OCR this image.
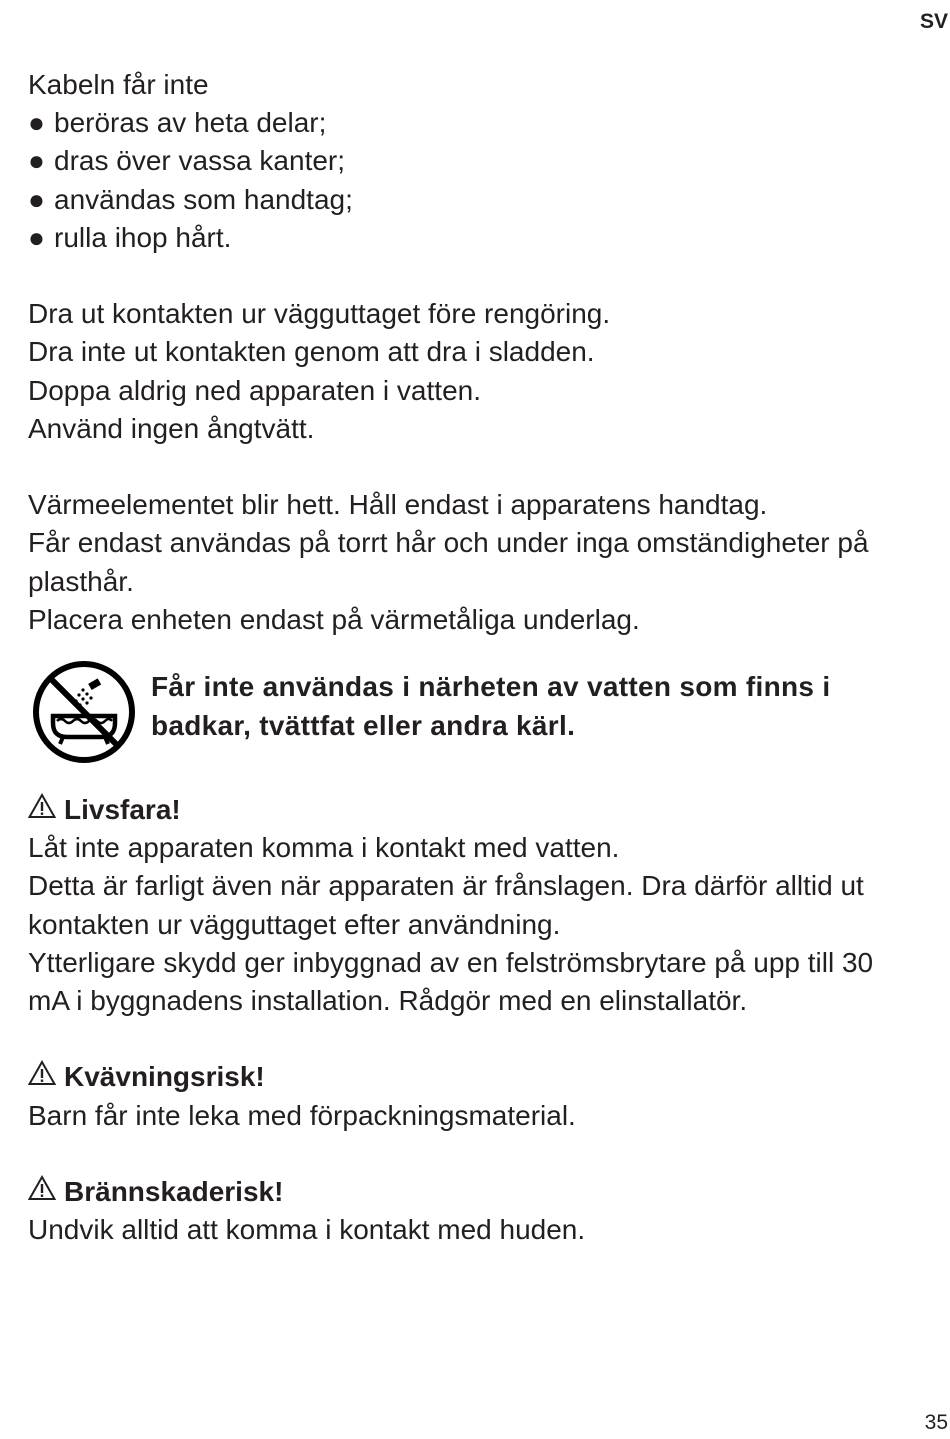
SV

Kabeln får inte

● beröras av heta delar;

● dras över vassa kanter;

● användas som handtag;

● rulla ihop hårt.

Dra ut kontakten ur vägguttaget före rengöring.

Dra inte ut kontakten genom att dra i sladden.

Doppa aldrig ned apparaten i vatten.

Använd ingen ångtvätt.

Värmeelementet blir hett. Håll endast i apparatens handtag.

Får endast användas på torrt hår och under inga omständigheter på plasthår.

Placera enheten endast på värmetåliga underlag.

Får inte användas i närheten av vatten som finns i badkar, tvättfat eller andra kärl.

Livsfara!

Låt inte apparaten komma i kontakt med vatten.

Detta är farligt även när apparaten är frånslagen. Dra därför alltid ut kontakten ur vägguttaget efter användning.

Ytterligare skydd ger inbyggnad av en felströmsbrytare på upp till 30 mA i byggnadens installation. Rådgör med en elinstallatör.

Kvävningsrisk!

Barn får inte leka med förpackningsmaterial.

Brännskaderisk!

Undvik alltid att komma i kontakt med huden.

35
